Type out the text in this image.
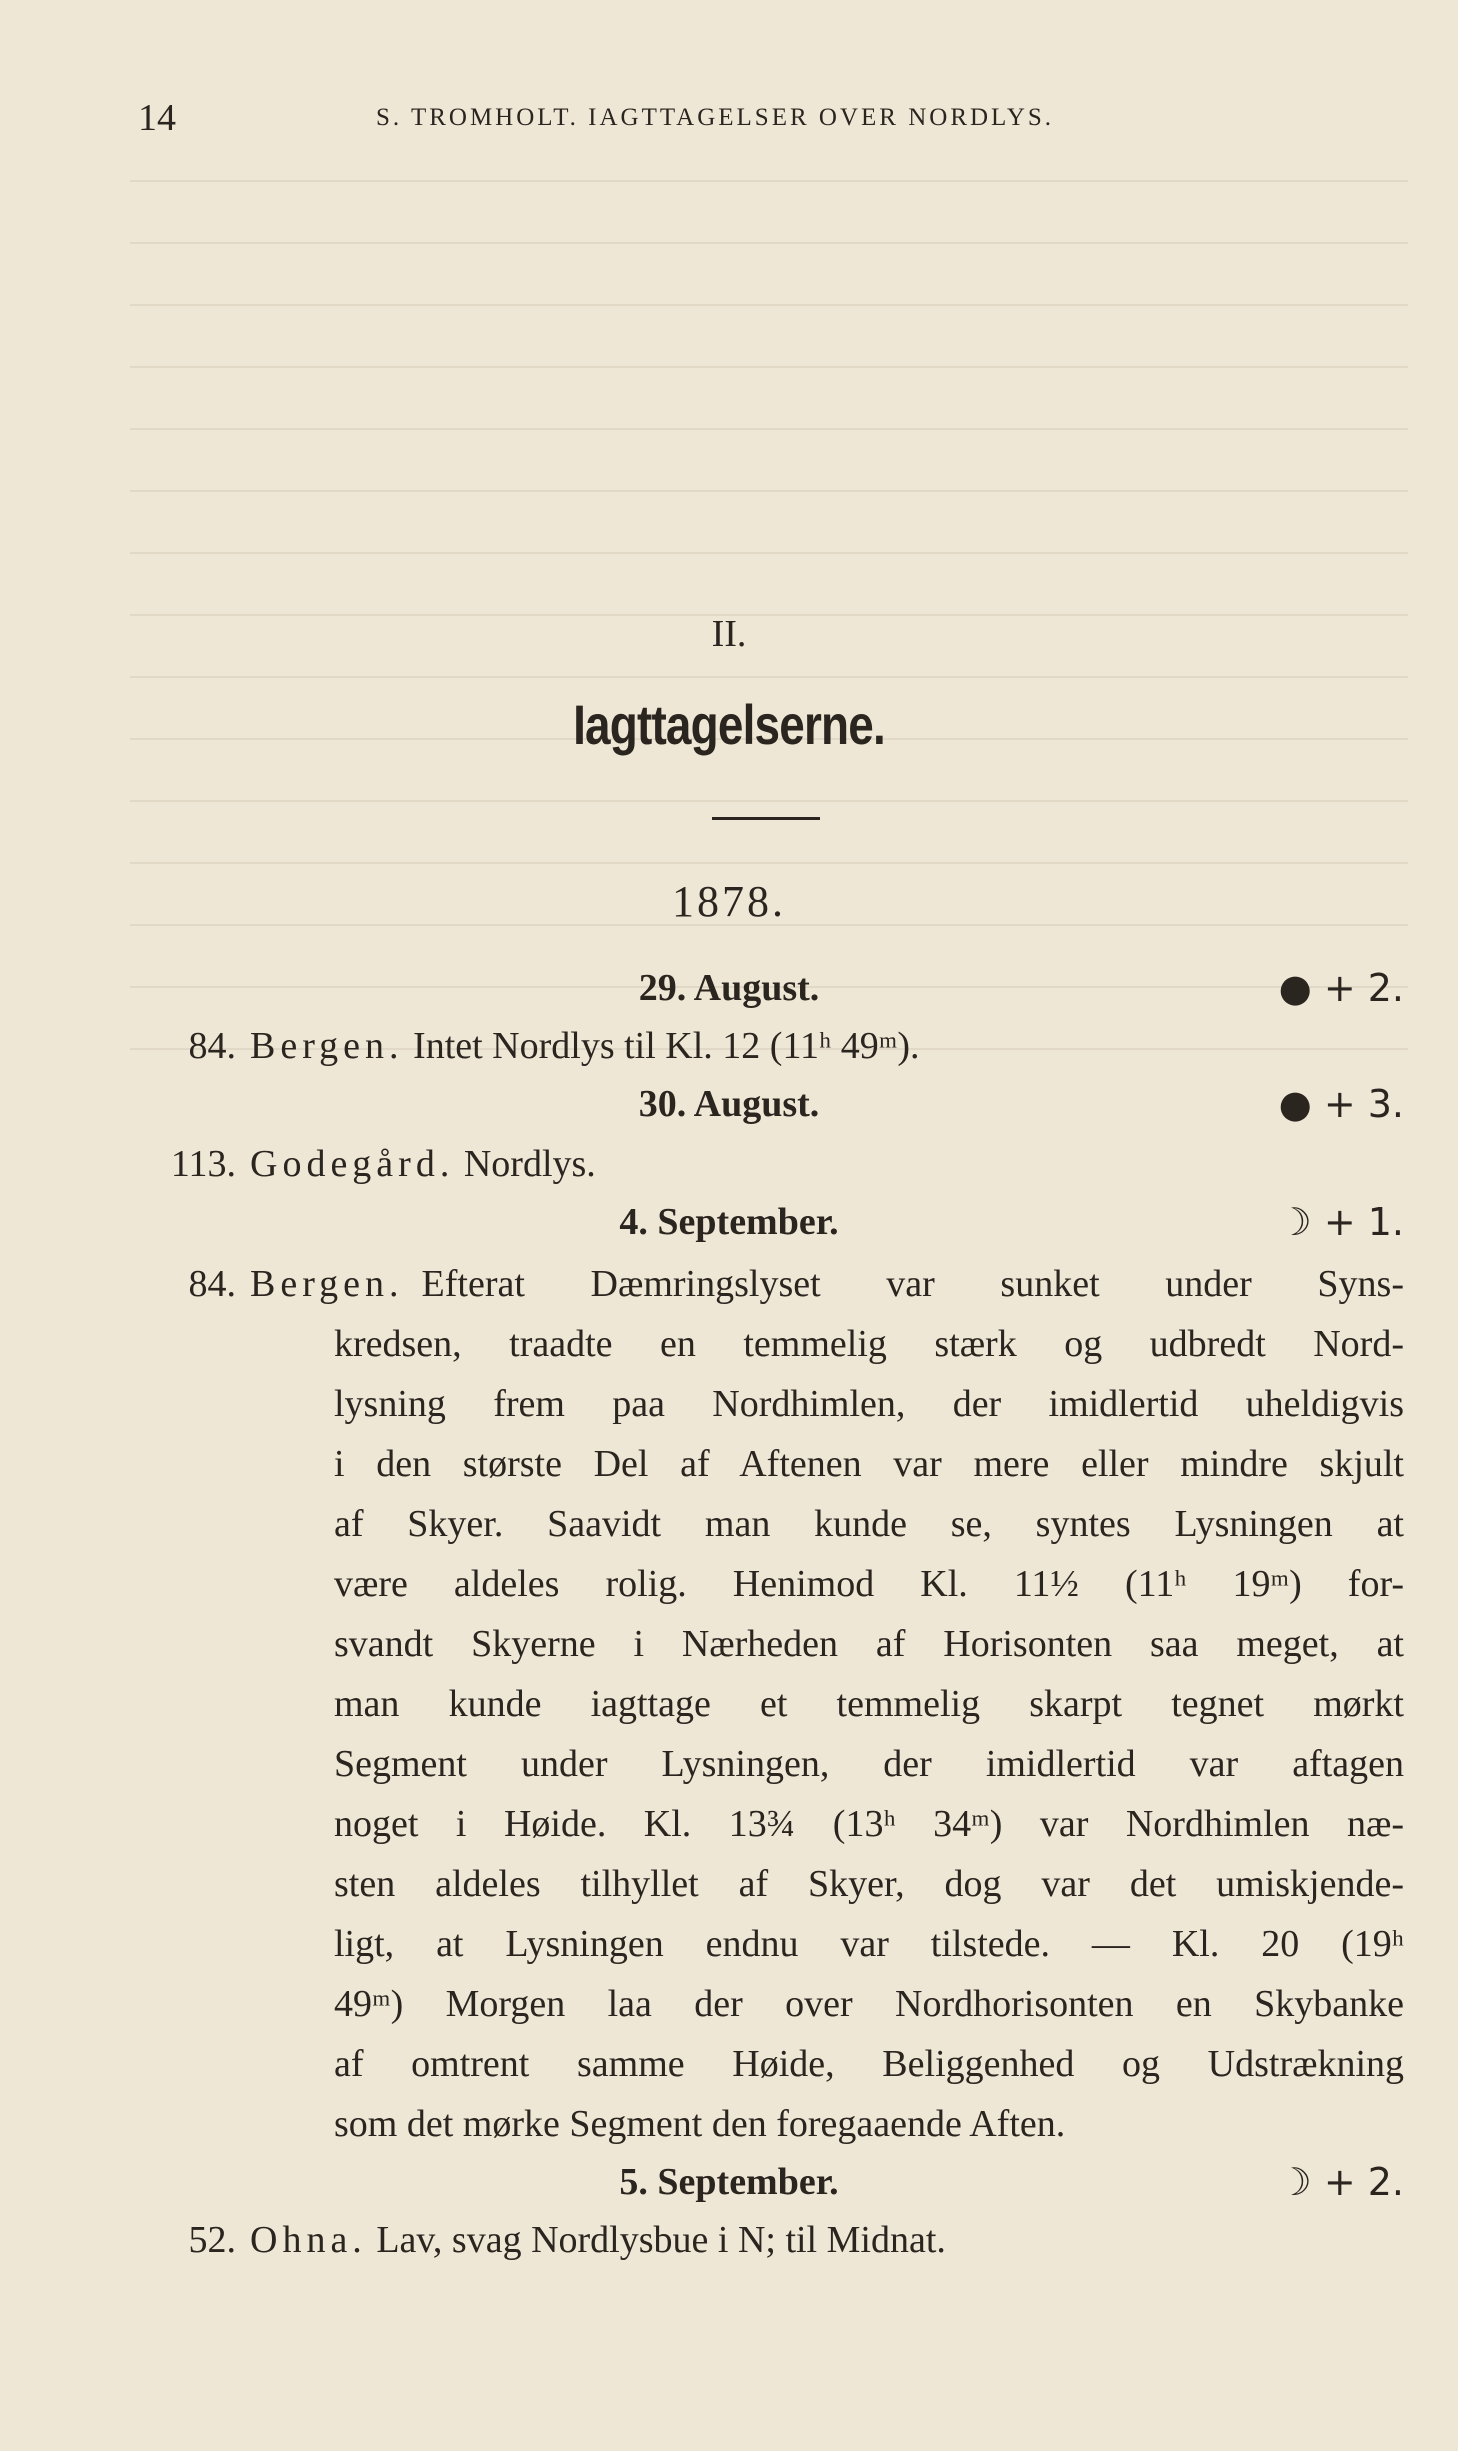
14	S. TROMHOLT. IAGTTAGELSER OVER NORDLYS.
II.
Iagttagelserne.
1878.
29. August.	● + 2.
84. Bergen. Intet Nordlys til Kl. 12 (11ʰ 49ᵐ).
30. August.	● + 3.
113. Godegård. Nordlys.
4. September.	☽ + 1.
84. Bergen. Efterat Dæmringslyset var sunket under Syns-
kredsen, traadte en temmelig stærk og udbredt Nord-
lysning frem paa Nordhimlen, der imidlertid uheldigvis
i den største Del af Aftenen var mere eller mindre skjult
af Skyer. Saavidt man kunde se, syntes Lysningen at
være aldeles rolig. Henimod Kl. 11½ (11ʰ 19ᵐ) for-
svandt Skyerne i Nærheden af Horisonten saa meget, at
man kunde iagttage et temmelig skarpt tegnet mørkt
Segment under Lysningen, der imidlertid var aftagen
noget i Høide. Kl. 13¾ (13ʰ 34ᵐ) var Nordhimlen næ-
sten aldeles tilhyllet af Skyer, dog var det umiskjende-
ligt, at Lysningen endnu var tilstede. — Kl. 20 (19ʰ
49ᵐ) Morgen laa der over Nordhorisonten en Skybanke
af omtrent samme Høide, Beliggenhed og Udstrækning
som det mørke Segment den foregaaende Aften.
5. September.	☽ + 2.
52. Ohna. Lav, svag Nordlysbue i N; til Midnat.
